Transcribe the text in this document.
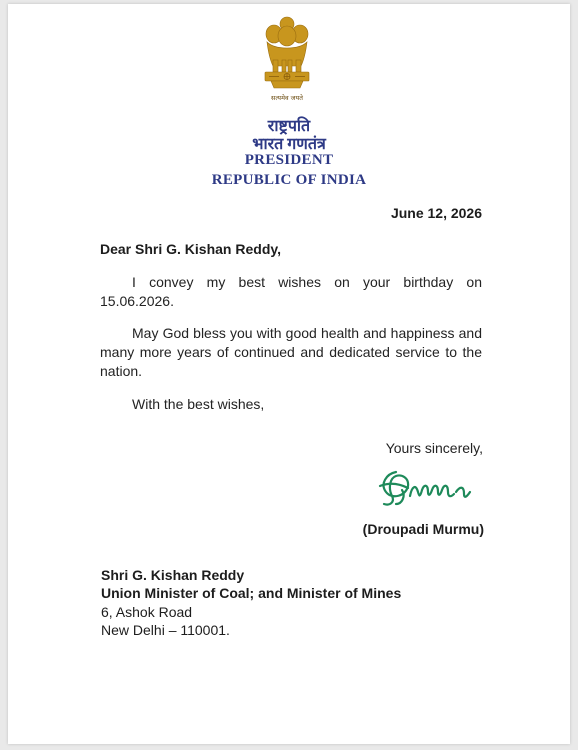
सत्यमेव जयते
राष्ट्रपति
भारत गणतंत्र
PRESIDENT
REPUBLIC OF INDIA
June 12, 2026
Dear Shri G. Kishan Reddy,
I convey my best wishes on your birthday on 15.06.2026.
May God bless you with good health and happiness and many more years of continued and dedicated service to the nation.
With the best wishes,
Yours sincerely,
(Droupadi Murmu)
Shri G. Kishan Reddy
Union Minister of Coal; and Minister of Mines
6, Ashok Road
New Delhi – 110001.
